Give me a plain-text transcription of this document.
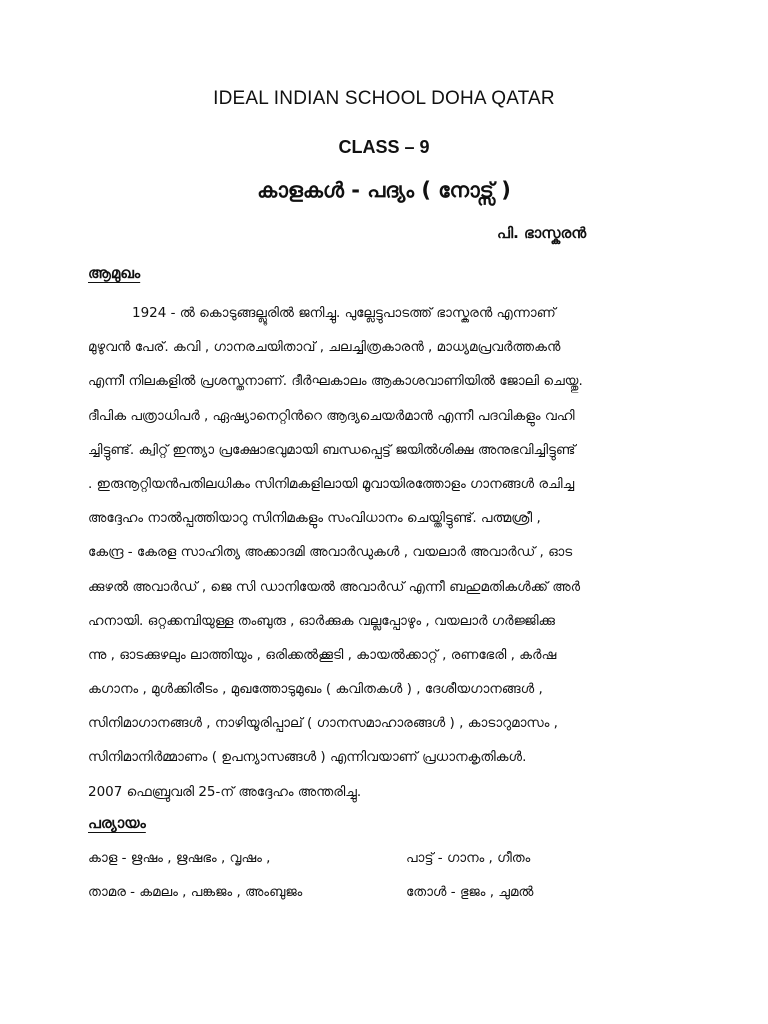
IDEAL INDIAN SCHOOL DOHA QATAR
CLASS – 9
കാളകൾ - പദ്യം ( നോട്സ് )
പി. ഭാസ്കരൻ
ആമുഖം
1924 - ൽ കൊടുങ്ങല്ലൂരിൽ ജനിച്ചു. പുല്ലേട്ടുപാടത്ത് ഭാസ്കരൻ എന്നാണ്
മുഴുവൻ പേര്. കവി , ഗാനരചയിതാവ് , ചലച്ചിത്രകാരൻ , മാധ്യമപ്രവർത്തകൻ
എന്നീ നിലകളിൽ പ്രശസ്തനാണ്. ദീർഘകാലം ആകാശവാണിയിൽ ജോലി ചെയ്തു.
ദീപിക പത്രാധിപർ , ഏഷ്യാനെറ്റിൻറെ ആദ്യചെയർമാൻ എന്നീ പദവികളും വഹി
ച്ചിട്ടുണ്ട്. ക്വിറ്റ് ഇന്ത്യാ പ്രക്ഷോഭവുമായി ബന്ധപ്പെട്ട് ജയിൽശിക്ഷ അനുഭവിച്ചിട്ടുണ്ട്
. ഇരുനൂറ്റിയൻപതിലധികം സിനിമകളിലായി മൂവായിരത്തോളം ഗാനങ്ങൾ രചിച്ച
അദ്ദേഹം നാൽപ്പത്തിയാറു സിനിമകളും സംവിധാനം ചെയ്തിട്ടുണ്ട്. പത്മശ്രീ ,
കേന്ദ്ര - കേരള സാഹിത്യ അക്കാദമി അവാർഡുകൾ , വയലാർ അവാർഡ് , ഓട
ക്കുഴൽ അവാർഡ് , ജെ സി ഡാനിയേൽ അവാർഡ് എന്നീ ബഹുമതികൾക്ക് അർ
ഹനായി. ഒറ്റക്കമ്പിയുള്ള തംബുരു , ഓർക്കുക വല്ലപ്പോഴും , വയലാർ ഗർജ്ജിക്കു
ന്നു , ഓടക്കുഴലും ലാത്തിയും , ഒരിക്കൽക്കൂടി , കായൽക്കാറ്റ് , രണഭേരി , കർഷ
കഗാനം , മുൾക്കിരീടം , മുഖത്തോടുമുഖം ( കവിതകൾ ) , ദേശീയഗാനങ്ങൾ ,
സിനിമാഗാനങ്ങൾ , നാഴിയൂരിപ്പാല് ( ഗാനസമാഹാരങ്ങൾ ) , കാടാറുമാസം ,
സിനിമാനിർമ്മാണം ( ഉപന്യാസങ്ങൾ ) എന്നിവയാണ് പ്രധാനകൃതികൾ.
2007 ഫെബ്രുവരി 25-ന് അദ്ദേഹം അന്തരിച്ചു.
പര്യായം
കാള - ഋഷം , ഋഷഭം , വൃഷം ,	പാട്ട് - ഗാനം , ഗീതം
താമര - കമലം , പങ്കജം , അംബുജം	തോൾ - ഭുജം , ചുമൽ
